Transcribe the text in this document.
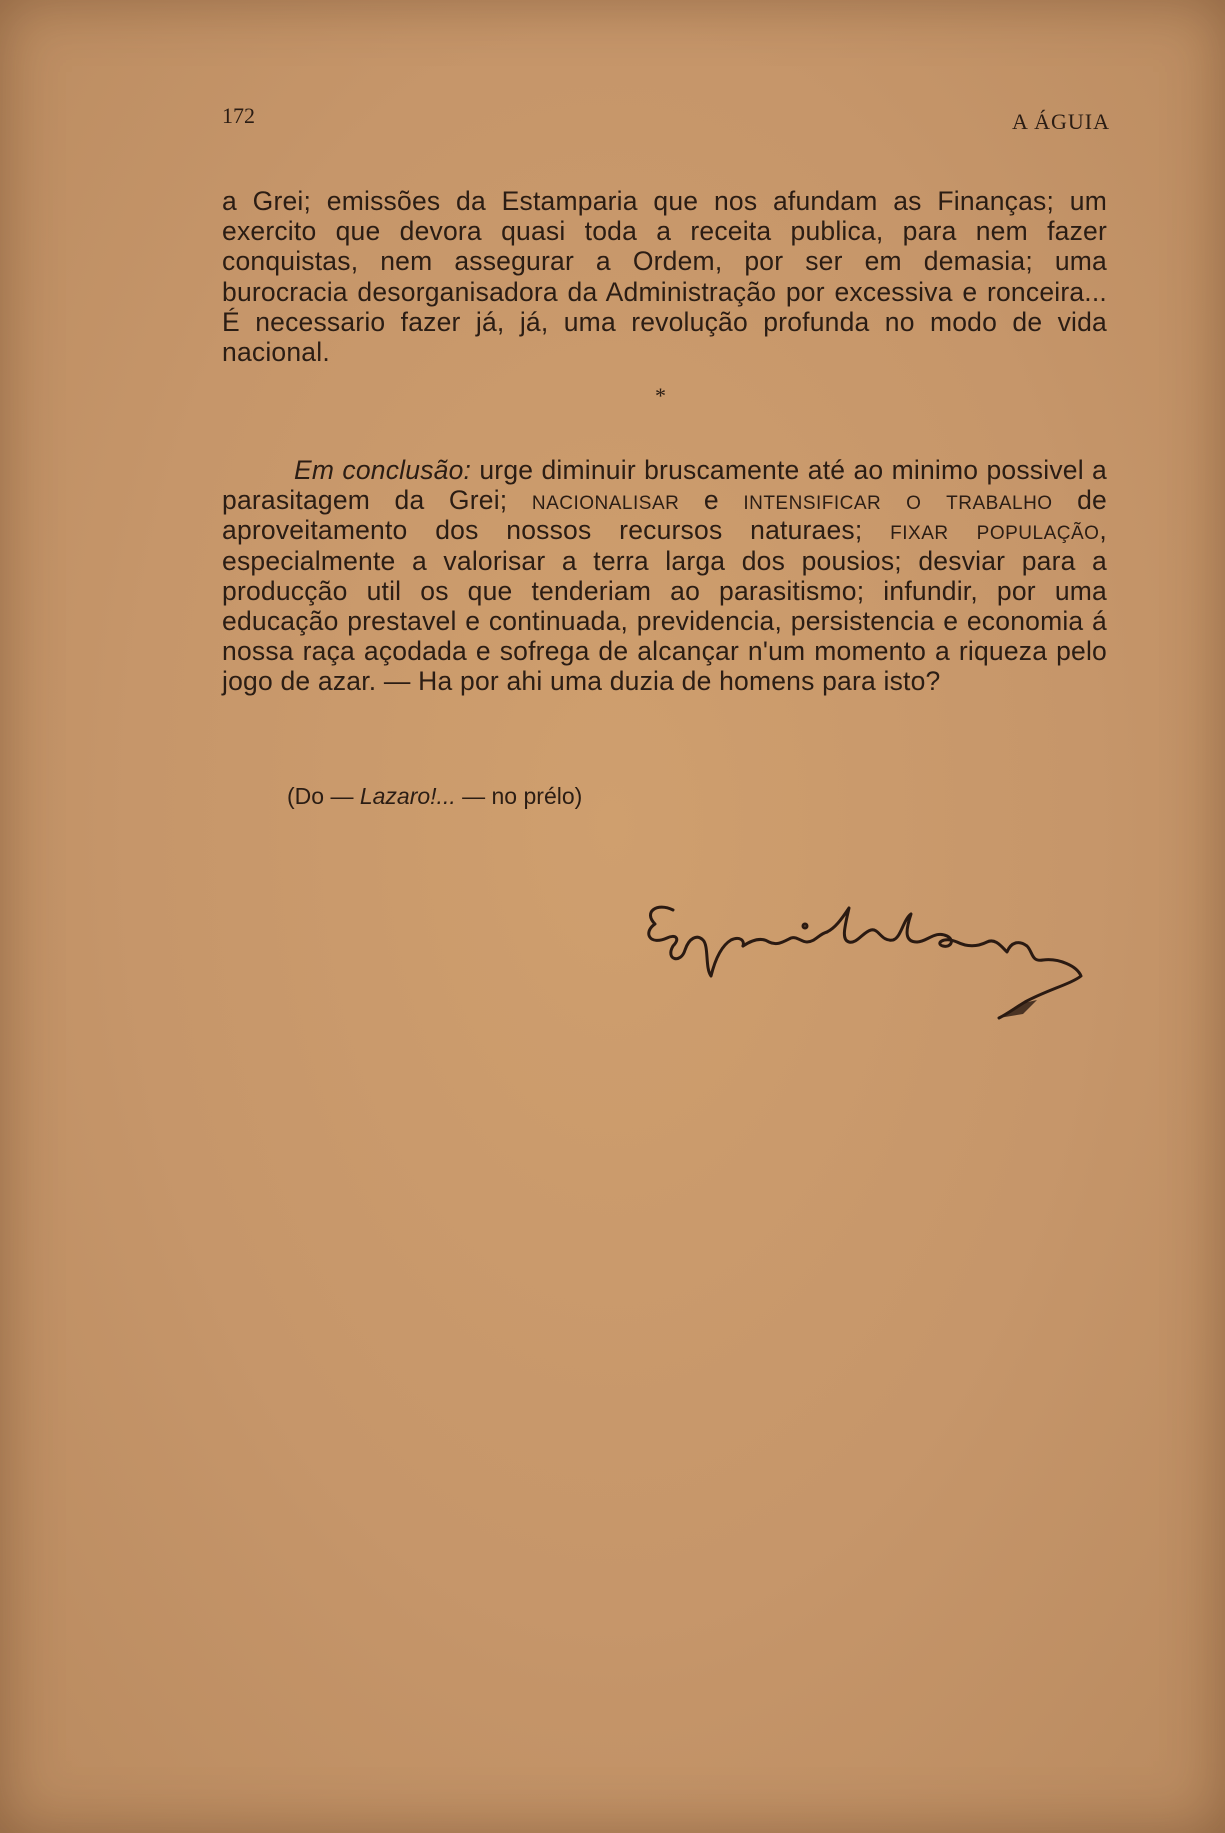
172	A ÁGUIA
a Grei; emissões da Estamparia que nos afundam as Finanças; um exercito que devora quasi toda a receita publica, para nem fazer conquistas, nem assegurar a Ordem, por ser em demasia; uma burocracia desorganisadora da Administração por excessiva e ronceira... É necessario fazer já, já, uma revolução profunda no modo de vida nacional.
*
Em conclusão: urge diminuir bruscamente até ao minimo possivel a parasitagem da Grei; nacionalisar e intensificar o trabalho de aproveitamento dos nossos recursos naturaes; fixar população, especialmente a valorisar a terra larga dos pousios; desviar para a producção util os que tenderiam ao parasitismo; infundir, por uma educação prestavel e continuada, previdencia, persistencia e economia á nossa raça açodada e sofrega de alcançar n'um momento a riqueza pelo jogo de azar. — Ha por ahi uma duzia de homens para isto?
(Do — Lazaro!... — no prélo)
